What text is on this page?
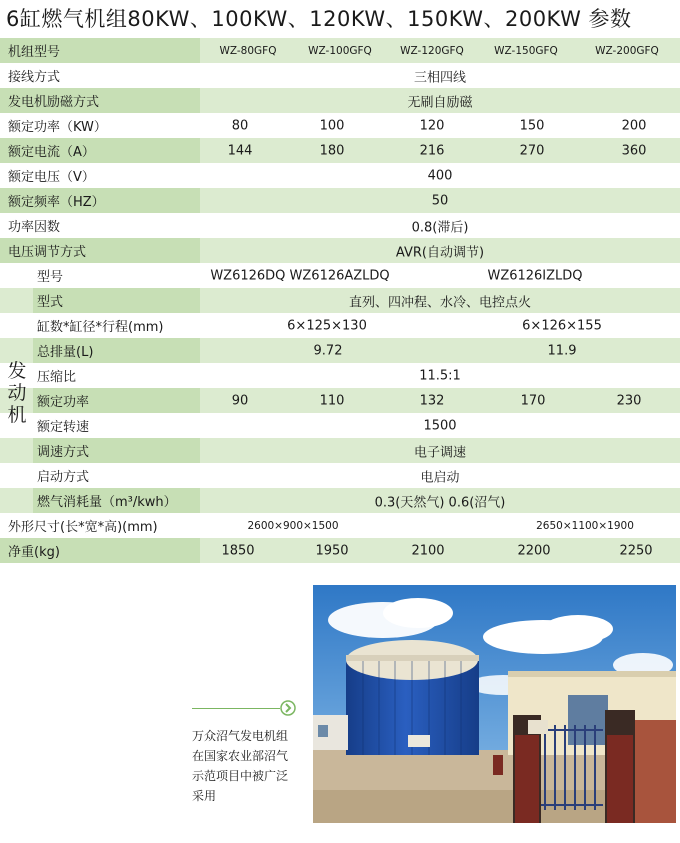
6缸燃气机组80KW、100KW、120KW、150KW、200KW 参数
机组型号	WZ-80GFQ	WZ-100GFQ	WZ-120GFQ	WZ-150GFQ	WZ-200GFQ
接线方式	三相四线
发电机励磁方式	无刷自励磁
额定功率（KW）	80	100	120	150	200
额定电流（A）	144	180	216	270	360
额定电压（V）	400
额定频率（HZ）	50
功率因数	0.8(滞后)
电压调节方式	AVR(自动调节)
型号	WZ6126DQ WZ6126AZLDQ	WZ6126IZLDQ
型式	直列、四冲程、水冷、电控点火
缸数*缸径*行程(mm)	6×125×130	6×126×155
总排量(L)	9.72	11.9
压缩比	11.5:1
额定功率	90	110	132	170	230
额定转速	1500
调速方式	电子调速
启动方式	电启动
燃气消耗量（m³/kwh）	0.3(天然气) 0.6(沼气)
外形尺寸(长*宽*高)(mm)	2600×900×1500	2650×1100×1900
净重(kg)	1850	1950	2100	2200	2250
发动机
万众沼气发电机组
在国家农业部沼气
示范项目中被广泛
采用
